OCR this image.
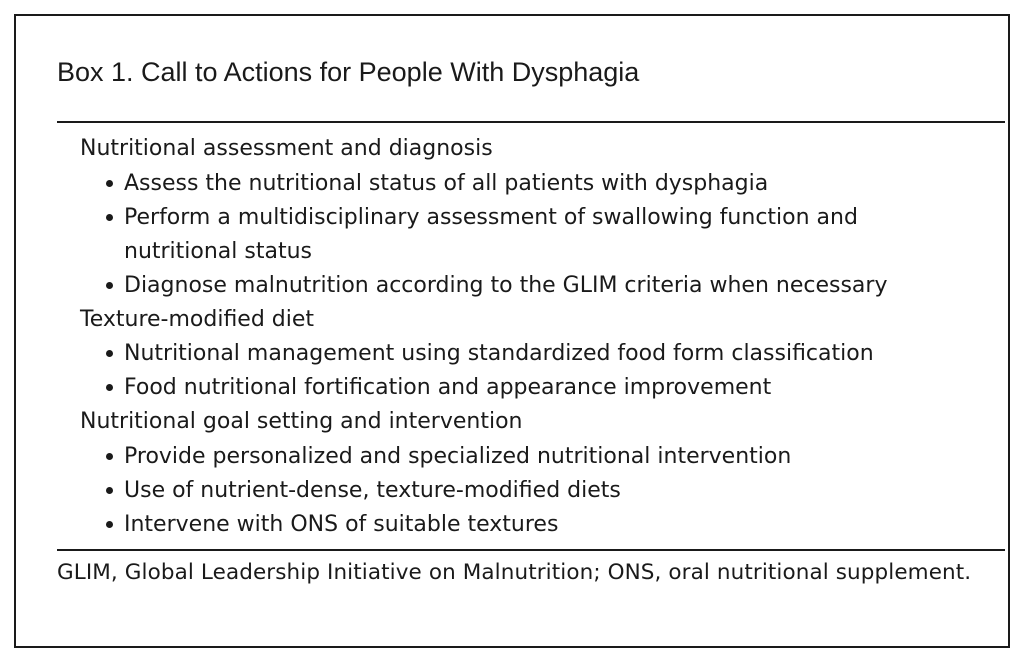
Box 1. Call to Actions for People With Dysphagia
Nutritional assessment and diagnosis
Assess the nutritional status of all patients with dysphagia
Perform a multidisciplinary assessment of swallowing function and nutritional status
Diagnose malnutrition according to the GLIM criteria when necessary
Texture-modified diet
Nutritional management using standardized food form classification
Food nutritional fortification and appearance improvement
Nutritional goal setting and intervention
Provide personalized and specialized nutritional intervention
Use of nutrient-dense, texture-modified diets
Intervene with ONS of suitable textures
GLIM, Global Leadership Initiative on Malnutrition; ONS, oral nutritional supplement.
